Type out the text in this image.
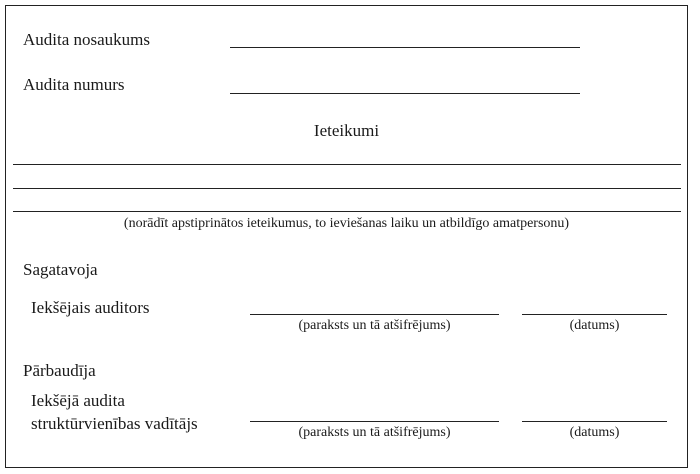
Audita nosaukums
Audita numurs
Ieteikumi
(norādīt apstiprinātos ieteikumus, to ieviešanas laiku un atbildīgo amatpersonu)
Sagatavoja
Iekšējais auditors
(paraksts un tā atšifrējums)	(datums)
Pārbaudīja
Iekšējā audita
struktūrvienības vadītājs	(paraksts un tā atšifrējums)	(datums)
